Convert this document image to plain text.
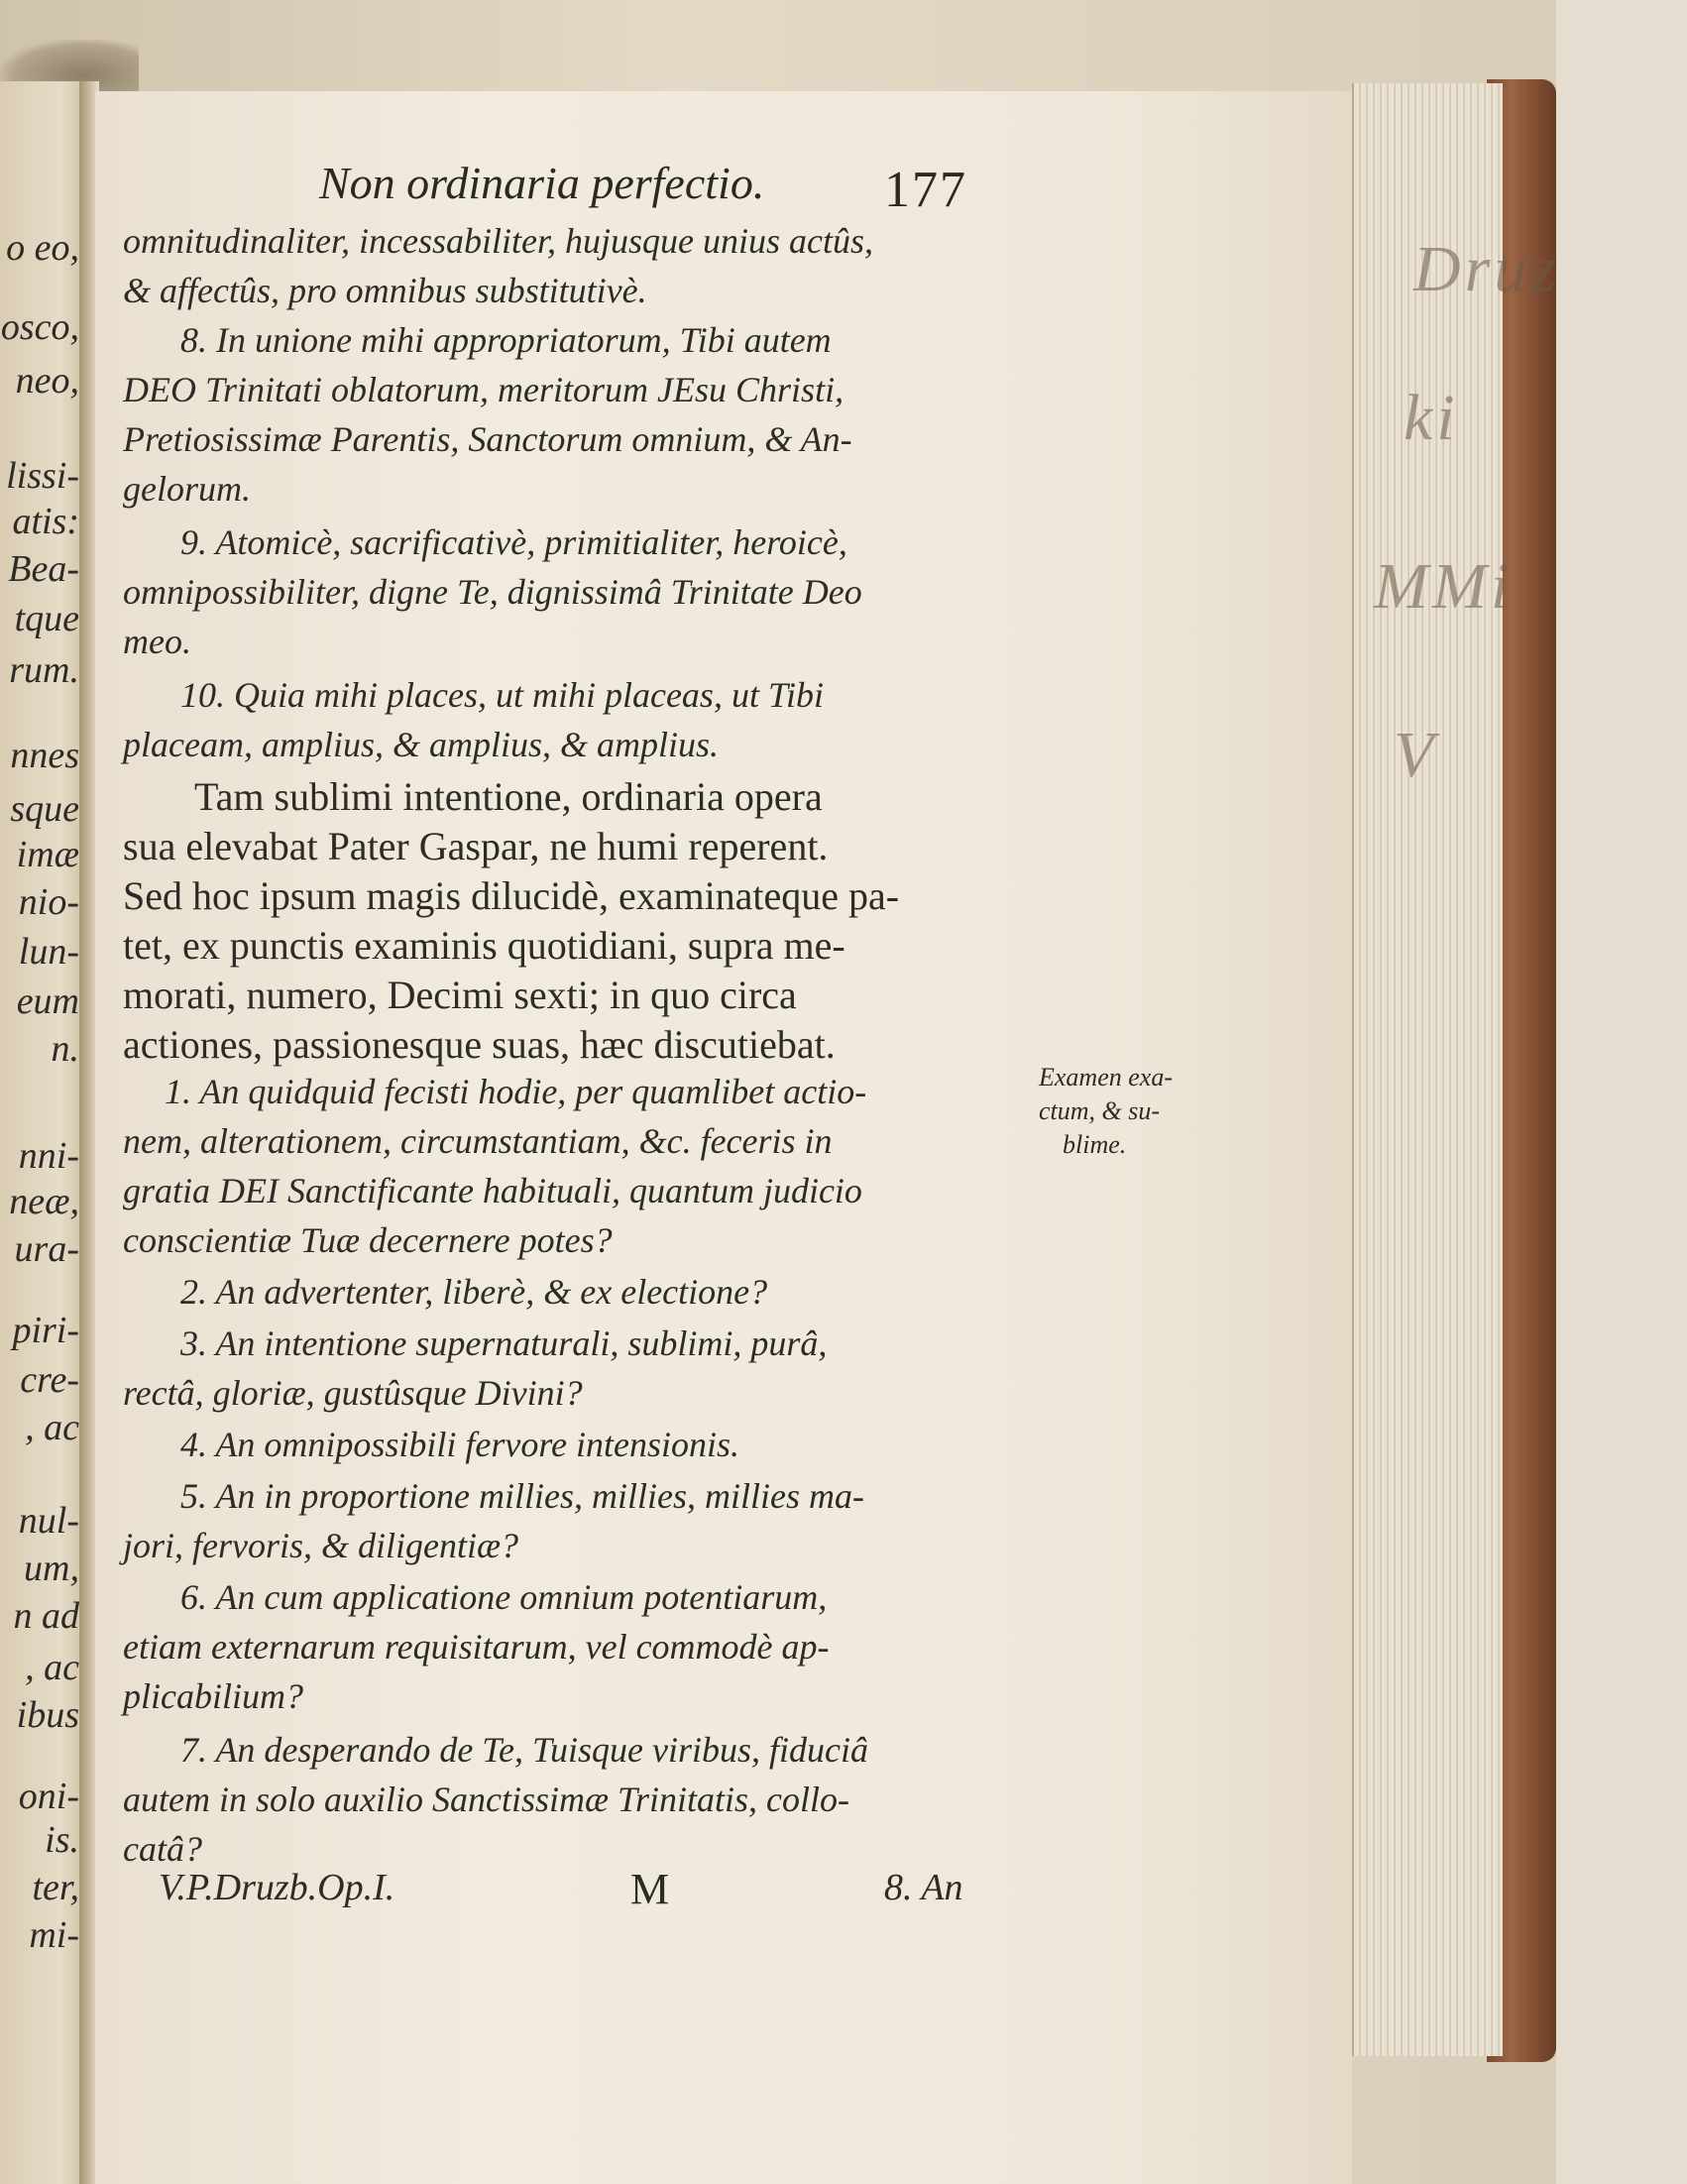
Druz
ki
MMi
V
o eo,
osco,
neo,
lissi-
atis:
Bea-
tque
rum.
nnes
sque
imæ
nio-
lun-
eum
n.
nni-
neæ,
ura-
piri-
cre-
, ac
nul-
um,
n ad
, ac
ibus
oni-
is.
ter,
mi-
Non ordinaria perfectio. 177
omnitudinaliter, incessabiliter, hujusque unius actûs,
& affectûs, pro omnibus substitutivè.
8. In unione mihi appropriatorum, Tibi autem
DEO Trinitati oblatorum, meritorum JEsu Christi,
Pretiosissimæ Parentis, Sanctorum omnium, & An-
gelorum.
9. Atomicè, sacrificativè, primitialiter, heroicè,
omnipossibiliter, digne Te, dignissimâ Trinitate Deo
meo.
10. Quia mihi places, ut mihi placeas, ut Tibi
placeam, amplius, & amplius, & amplius.
Tam sublimi intentione, ordinaria opera
sua elevabat Pater Gaspar, ne humi reperent.
Sed hoc ipsum magis dilucidè, examinateque pa-
tet, ex punctis examinis quotidiani, supra me-
morati, numero, Decimi sexti; in quo circa
actiones, passionesque suas, hæc discutiebat.
1. An quidquid fecisti hodie, per quamlibet actio-
nem, alterationem, circumstantiam, &c. feceris in
gratia DEI Sanctificante habituali, quantum judicio
conscientiæ Tuæ decernere potes?
2. An advertenter, liberè, & ex electione?
3. An intentione supernaturali, sublimi, purâ,
rectâ, gloriæ, gustûsque Divini?
4. An omnipossibili fervore intensionis.
5. An in proportione millies, millies, millies ma-
jori, fervoris, & diligentiæ?
6. An cum applicatione omnium potentiarum,
etiam externarum requisitarum, vel commodè ap-
plicabilium?
7. An desperando de Te, Tuisque viribus, fiduciâ
autem in solo auxilio Sanctissimæ Trinitatis, collo-
catâ?
Examen exa-
ctum, & su-
blime.
V.P.Druzb.Op.I.	M	8. An
